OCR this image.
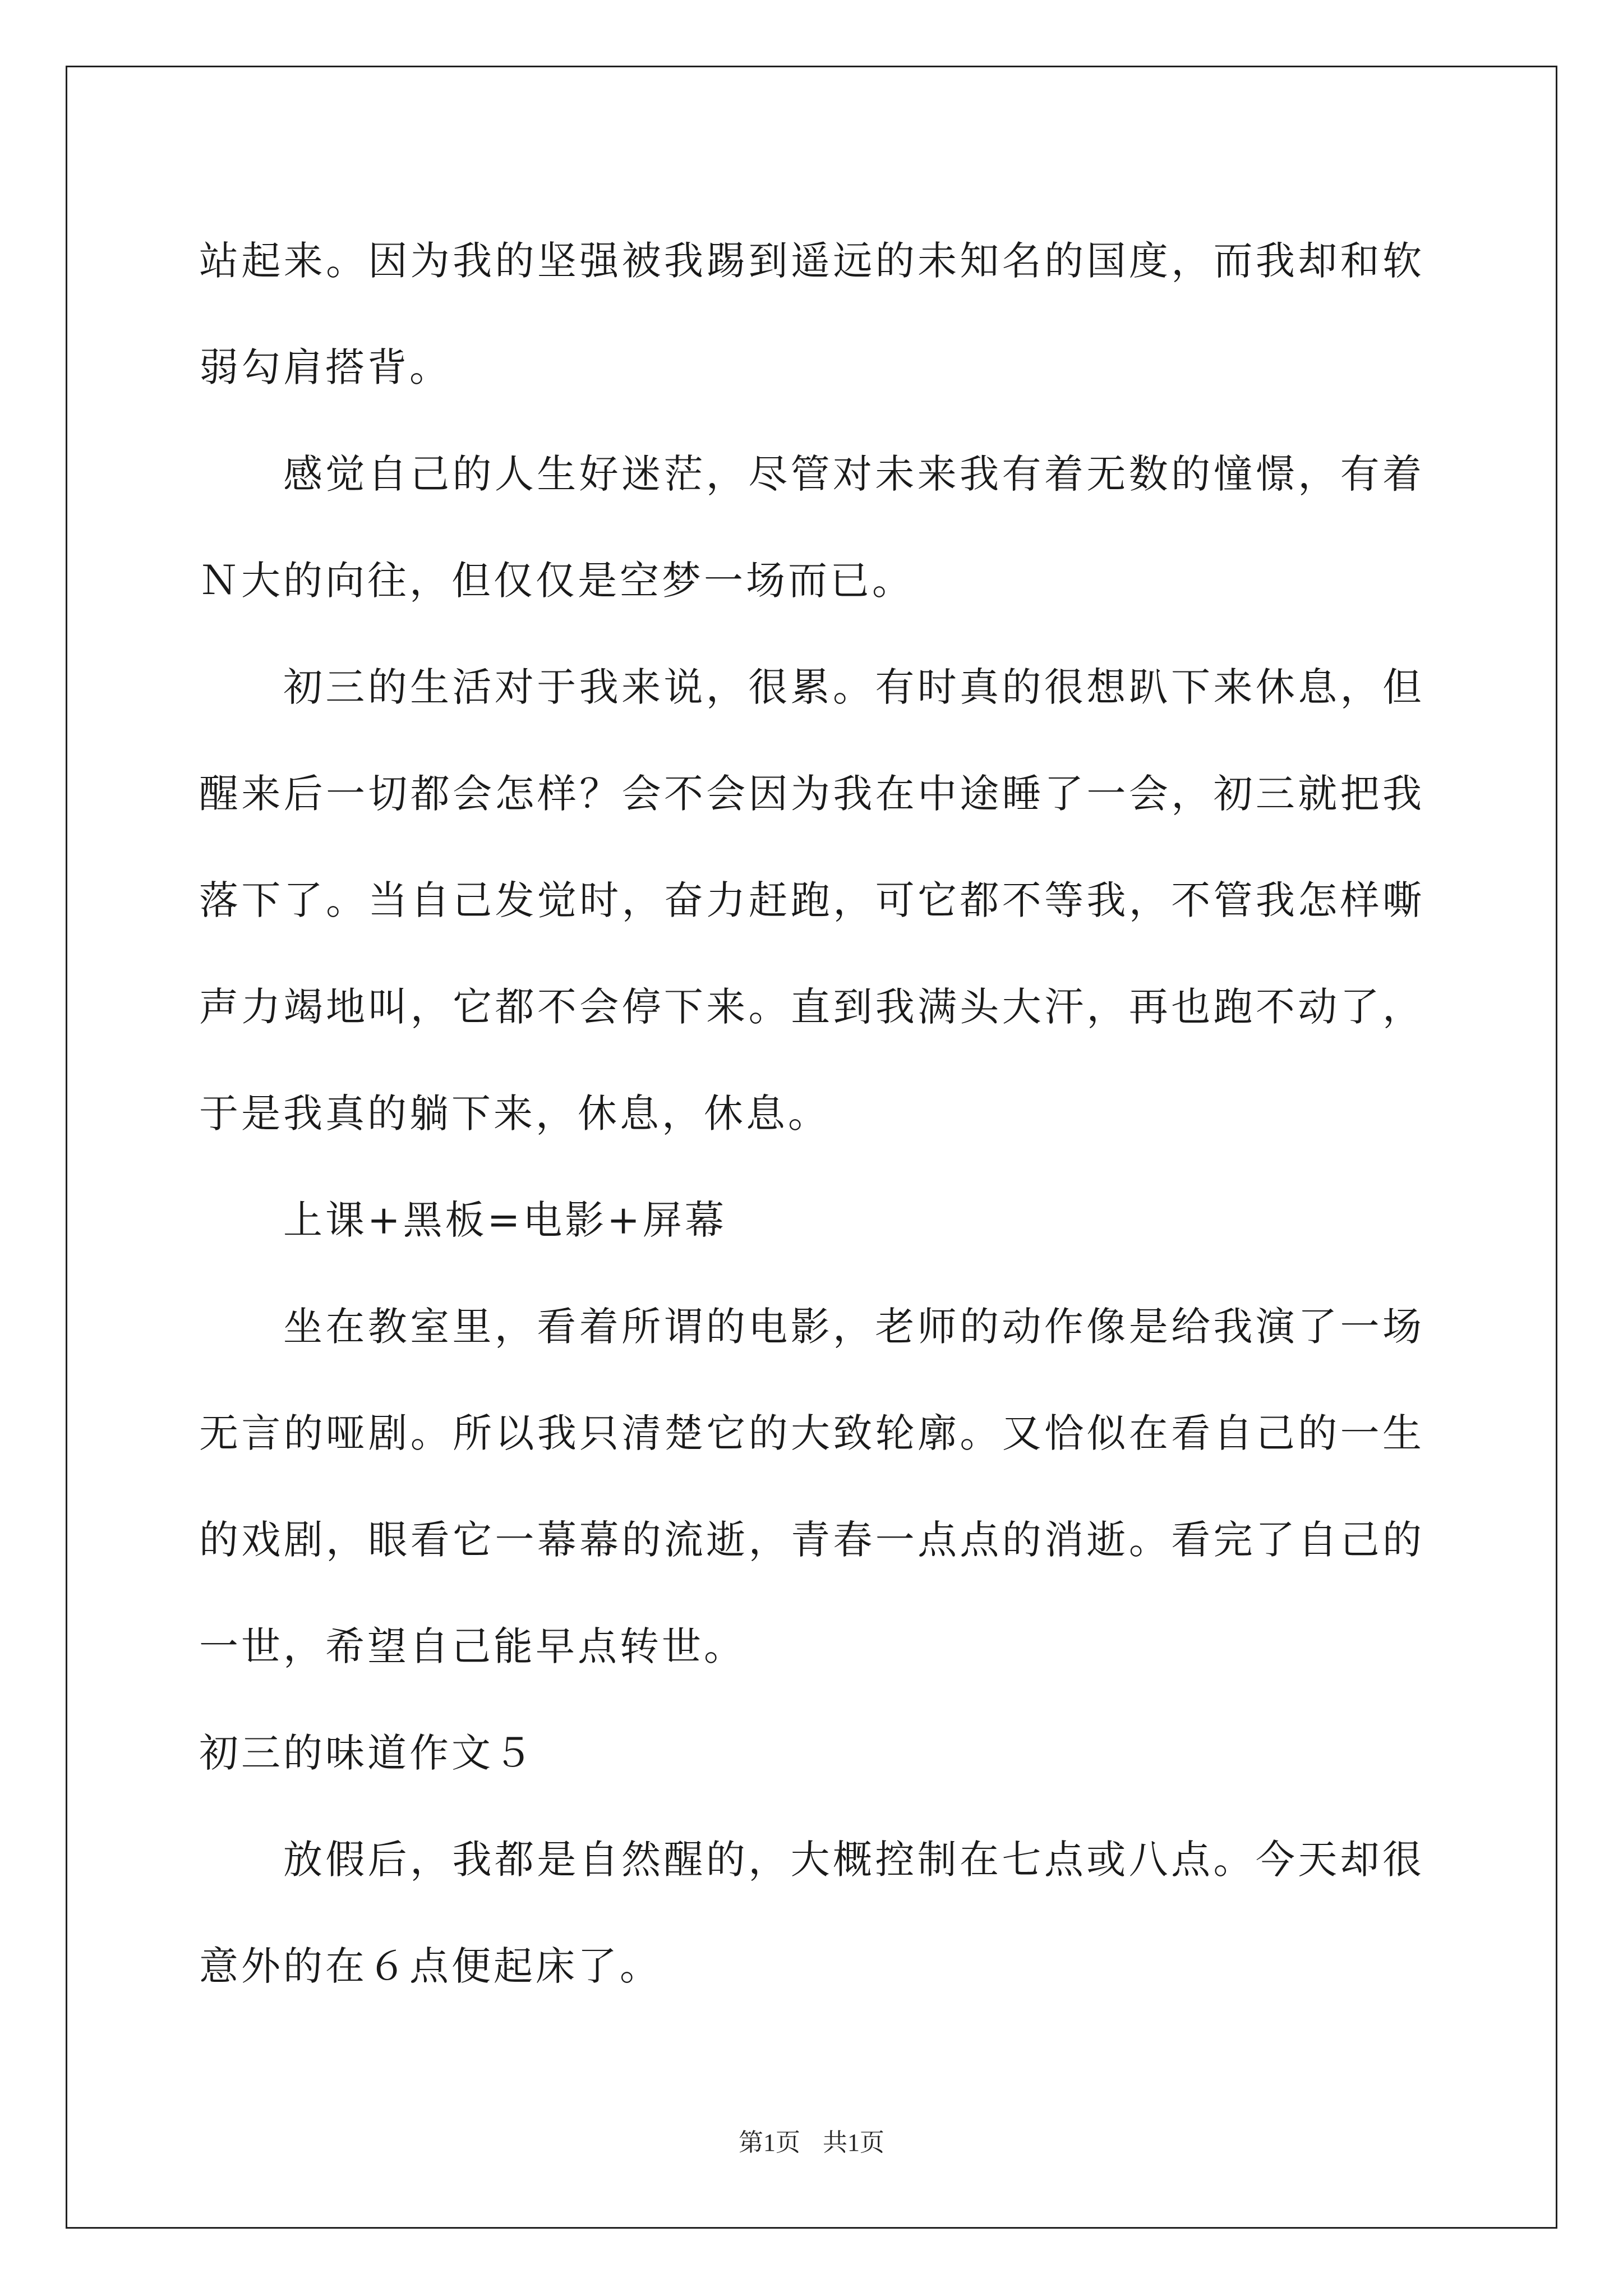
站起来。因为我的坚强被我踢到遥远的未知名的国度，而我却和软弱勾肩搭背。

感觉自己的人生好迷茫，尽管对未来我有着无数的憧憬，有着Ｎ大的向往，但仅仅是空梦一场而已。

初三的生活对于我来说，很累。有时真的很想趴下来休息，但醒来后一切都会怎样？会不会因为我在中途睡了一会，初三就把我落下了。当自己发觉时，奋力赶跑，可它都不等我，不管我怎样嘶声力竭地叫，它都不会停下来。直到我满头大汗，再也跑不动了，于是我真的躺下来，休息，休息。

上课+黑板=电影+屏幕

坐在教室里，看着所谓的电影，老师的动作像是给我演了一场无言的哑剧。所以我只清楚它的大致轮廓。又恰似在看自己的一生的戏剧，眼看它一幕幕的流逝，青春一点点的消逝。看完了自己的一世，希望自己能早点转世。

初三的味道作文５

放假后，我都是自然醒的，大概控制在七点或八点。今天却很意外的在６点便起床了。

第1页 共1页
